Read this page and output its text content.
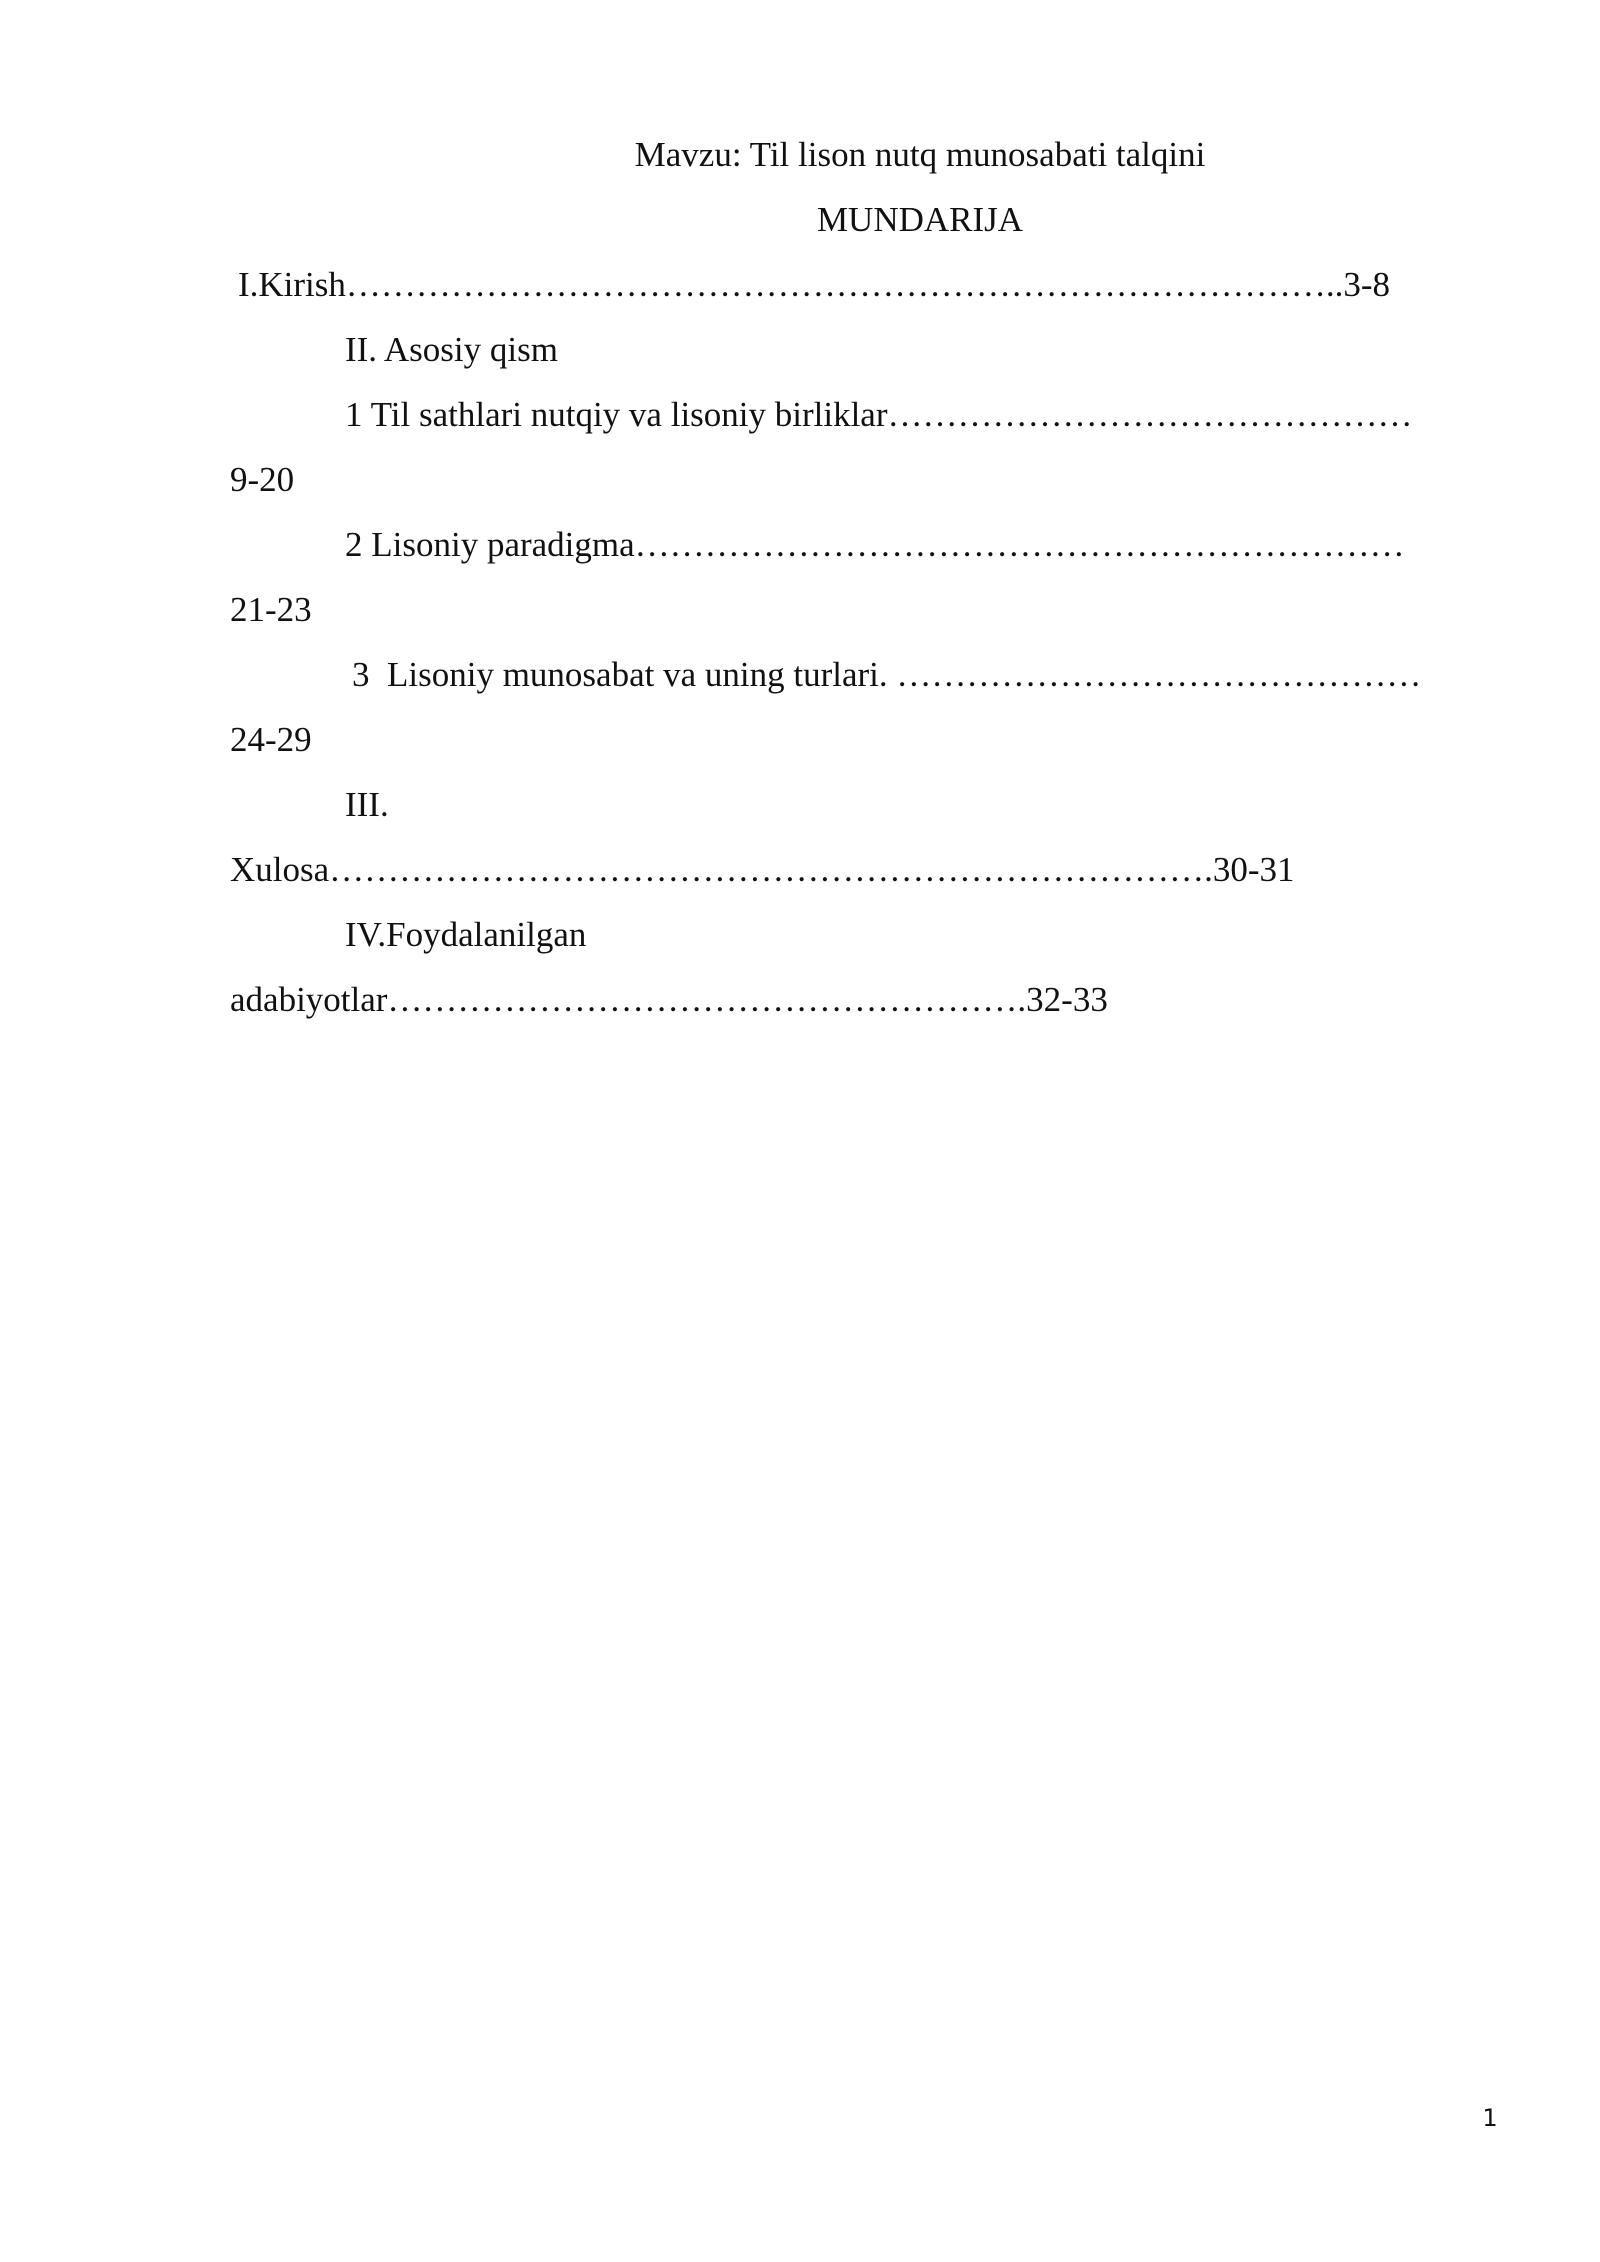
Mavzu: Til lison nutq munosabati talqini
MUNDARIJA
I.Kirish…………………………………………………………………………..3-8
II. Asosiy qism
1 Til sathlari nutqiy va lisoniy birliklar………………………………………
9-20
2 Lisoniy paradigma…………………………………………………………
21-23
3  Lisoniy munosabat va uning turlari. ………………………………………
24-29
III.
Xulosa………………………………………………………………….30-31
IV.Foydalanilgan
adabiyotlar……………………………………………….32-33
1
